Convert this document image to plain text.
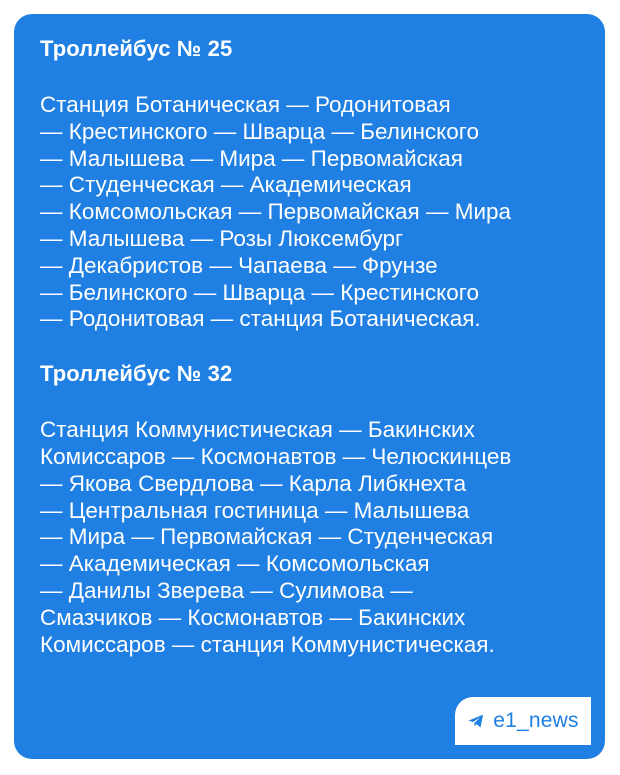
Троллейбус № 25

Станция Ботаническая — Родонитовая
— Крестинского — Шварца — Белинского
— Малышева — Мира — Первомайская
— Студенческая — Академическая
— Комсомольская — Первомайская — Мира
— Малышева — Розы Люксембург
— Декабристов — Чапаева — Фрунзе
— Белинского — Шварца — Крестинского
— Родонитовая — станция Ботаническая.

Троллейбус № 32

Станция Коммунистическая — Бакинских
Комиссаров — Космонавтов — Челюскинцев
— Якова Свердлова — Карла Либкнехта
— Центральная гостиница — Малышева
— Мира — Первомайская — Студенческая
— Академическая — Комсомольская
— Данилы Зверева — Сулимова —
Смазчиков — Космонавтов — Бакинских
Комиссаров — станция Коммунистическая.

e1_news
